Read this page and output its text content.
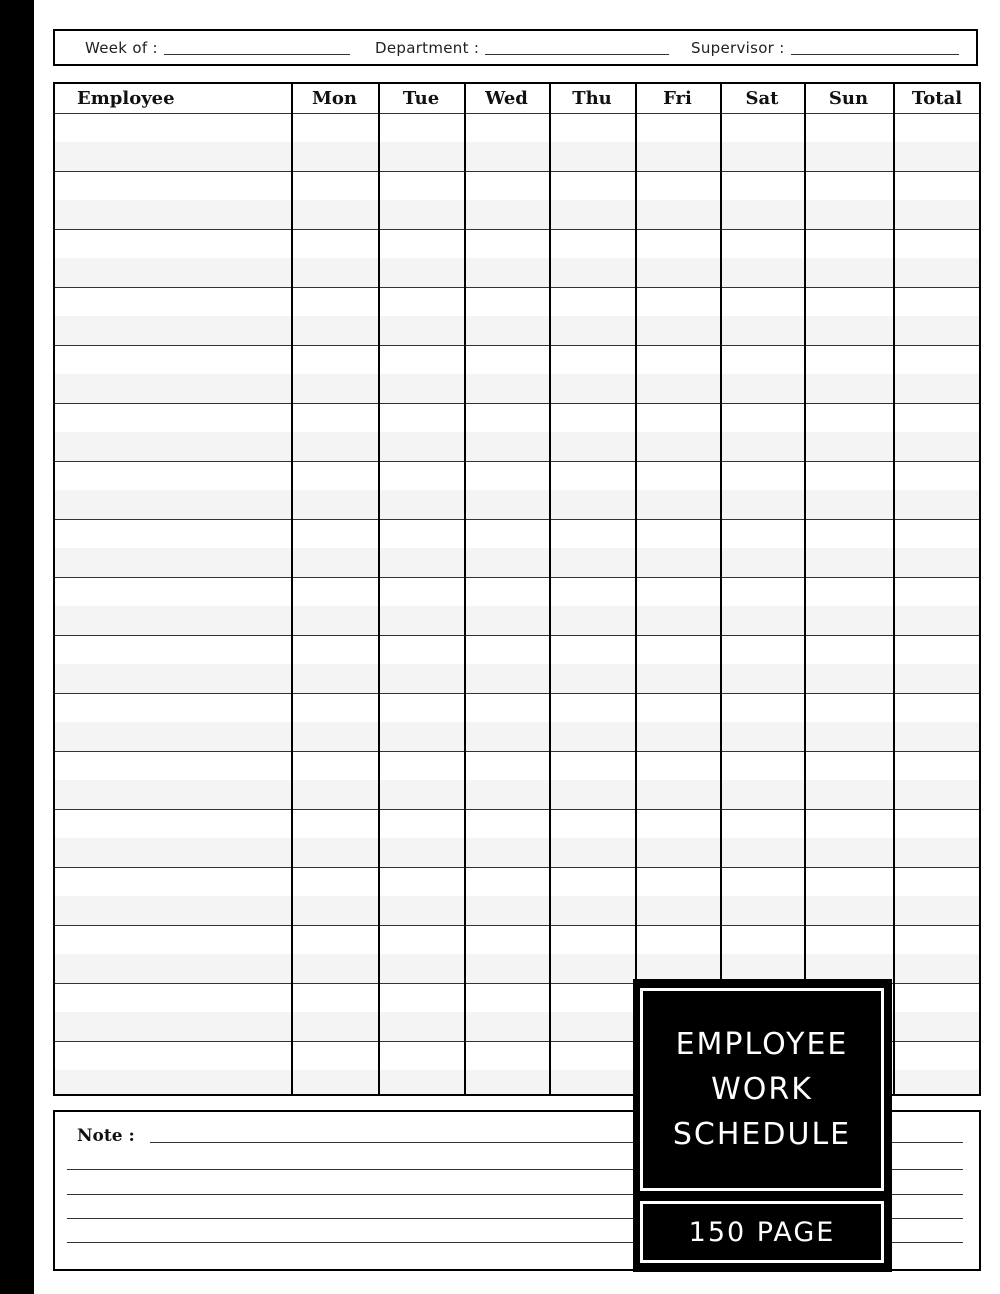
Week of :	Department :	Supervisor :
Employee	Mon	Tue	Wed	Thu	Fri	Sat	Sun	Total
Note :
EMPLOYEE
WORK
SCHEDULE
150 PAGE
